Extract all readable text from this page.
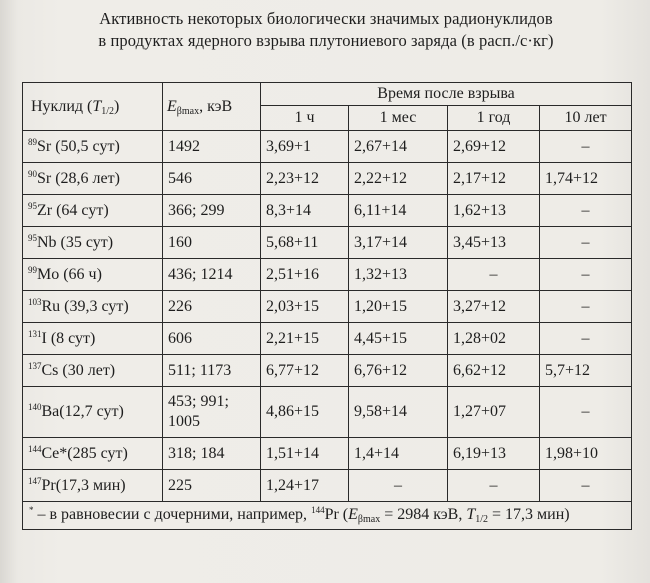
Активность некоторых биологически значимых радионуклидов
в продуктах ядерного взрыва плутониевого заряда (в расп./с·кг)
Нуклид $(T_{1/2})$	$E_{\beta max}$, кэВ	Время после взрыва			
		1 ч	1 мес	1 год	10 лет
$^{89}$Sr (50,5 сут)	1492	3,69+1	2,67+14	2,69+12	–
$^{90}$Sr (28,6 лет)	546	2,23+12	2,22+12	2,17+12	1,74+12
$^{95}$Zr (64 сут)	366; 299	8,3+14	6,11+14	1,62+13	–
$^{95}$Nb (35 сут)	160	5,68+11	3,17+14	3,45+13	–
$^{99}$Mo (66 ч)	436; 1214	2,51+16	1,32+13	–	–
$^{103}$Ru (39,3 сут)	226	2,03+15	1,20+15	3,27+12	–
$^{131}$I (8 сут)	606	2,21+15	4,45+15	1,28+02	–
$^{137}$Cs (30 лет)	511; 1173	6,77+12	6,76+12	6,62+12	5,7+12
$^{140}$Ba(12,7 сут)	453; 991; 1005	4,86+15	9,58+14	1,27+07	–
$^{144}$Ce*(285 сут)	318; 184	1,51+14	1,4+14	6,19+13	1,98+10
$^{147}$Pr(17,3 мин)	225	1,24+17	–	–	–
* – в равновесии с дочерними, например, $^{144}$Pr ($E_{\beta max} = 2984$ кэВ, $T_{1/2} = 17,3$ мин)					
